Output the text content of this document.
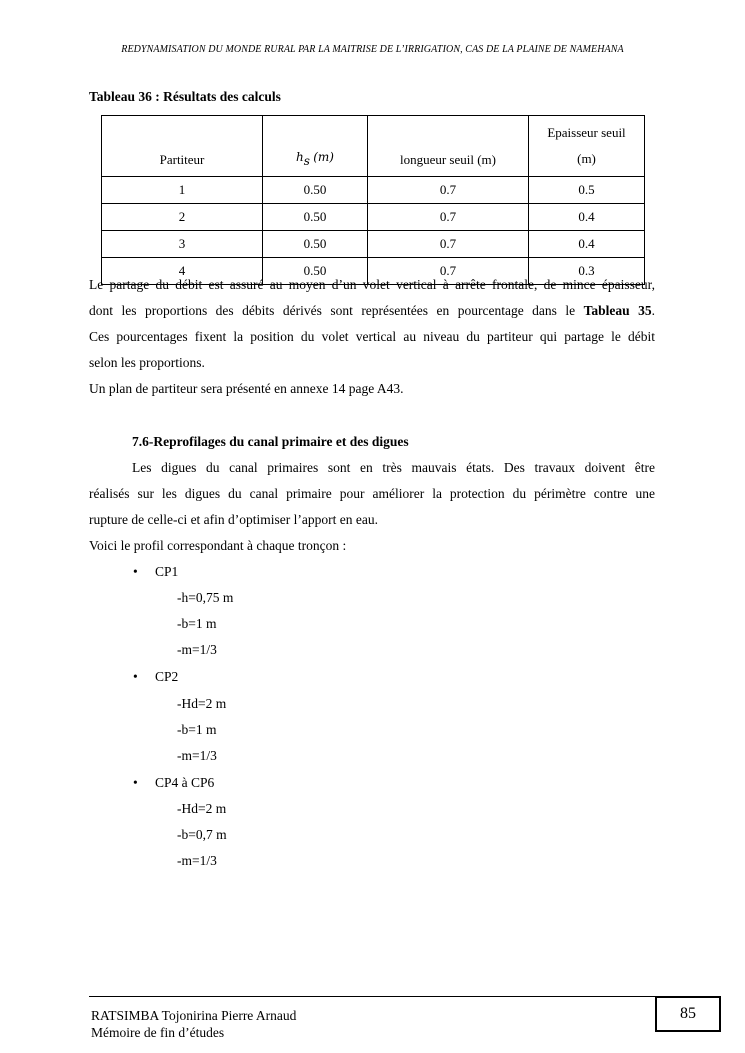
REDYNAMISATION DU MONDE RURAL PAR LA MAITRISE DE L’IRRIGATION, CAS DE LA PLAINE DE NAMEHANA
Tableau 36 : Résultats des calculs
Partiteur	$h_s$ (m)	longueur seuil (m)	Epaisseur seuil
(m)
1	0.50	0.7	0.5
2	0.50	0.7	0.4
3	0.50	0.7	0.4
4	0.50	0.7	0.3
Le partage du débit est assuré au moyen d’un volet vertical à arrête frontale, de mince épaisseur,
dont les proportions des débits dérivés sont représentées en pourcentage dans le Tableau 35.
Ces pourcentages fixent la position du volet vertical au niveau du partiteur qui partage le débit
selon les proportions.
Un plan de partiteur sera présenté en annexe 14 page A43.
7.6-Reprofilages du canal primaire et des digues
Les digues du canal primaires sont en très mauvais états. Des travaux doivent être
réalisés sur les digues du canal primaire pour améliorer la protection du périmètre contre une
rupture de celle-ci et afin d’optimiser l’apport en eau.
Voici le profil correspondant à chaque tronçon :
• CP1
-h=0,75 m
-b=1 m
-m=1/3
• CP2
-Hd=2 m
-b=1 m
-m=1/3
• CP4 à CP6
-Hd=2 m
-b=0,7 m
-m=1/3
85
RATSIMBA Tojonirina Pierre Arnaud
Mémoire de fin d’études
